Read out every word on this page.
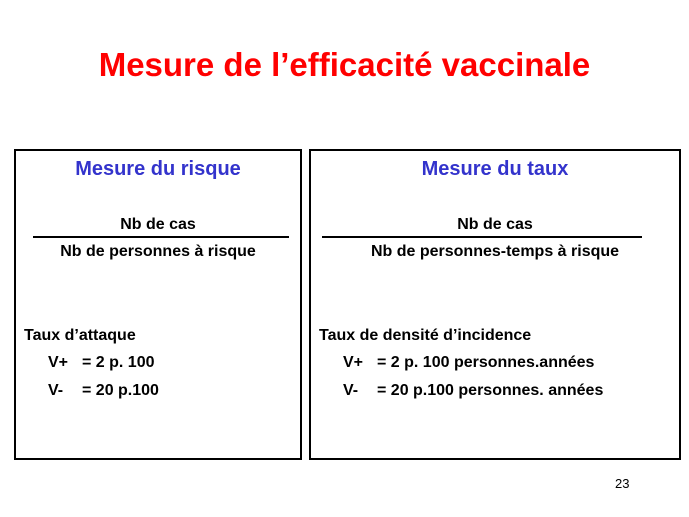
Mesure de l’efficacité vaccinale
Mesure du risque
Nb de cas
Nb de personnes à risque
Taux d’attaque
V+ = 2 p. 100
V- = 20 p.100
Mesure du taux
Nb de cas
Nb de personnes-temps à risque
Taux de densité d’incidence
V+ = 2 p. 100 personnes.années
V- = 20 p.100 personnes. années
23
